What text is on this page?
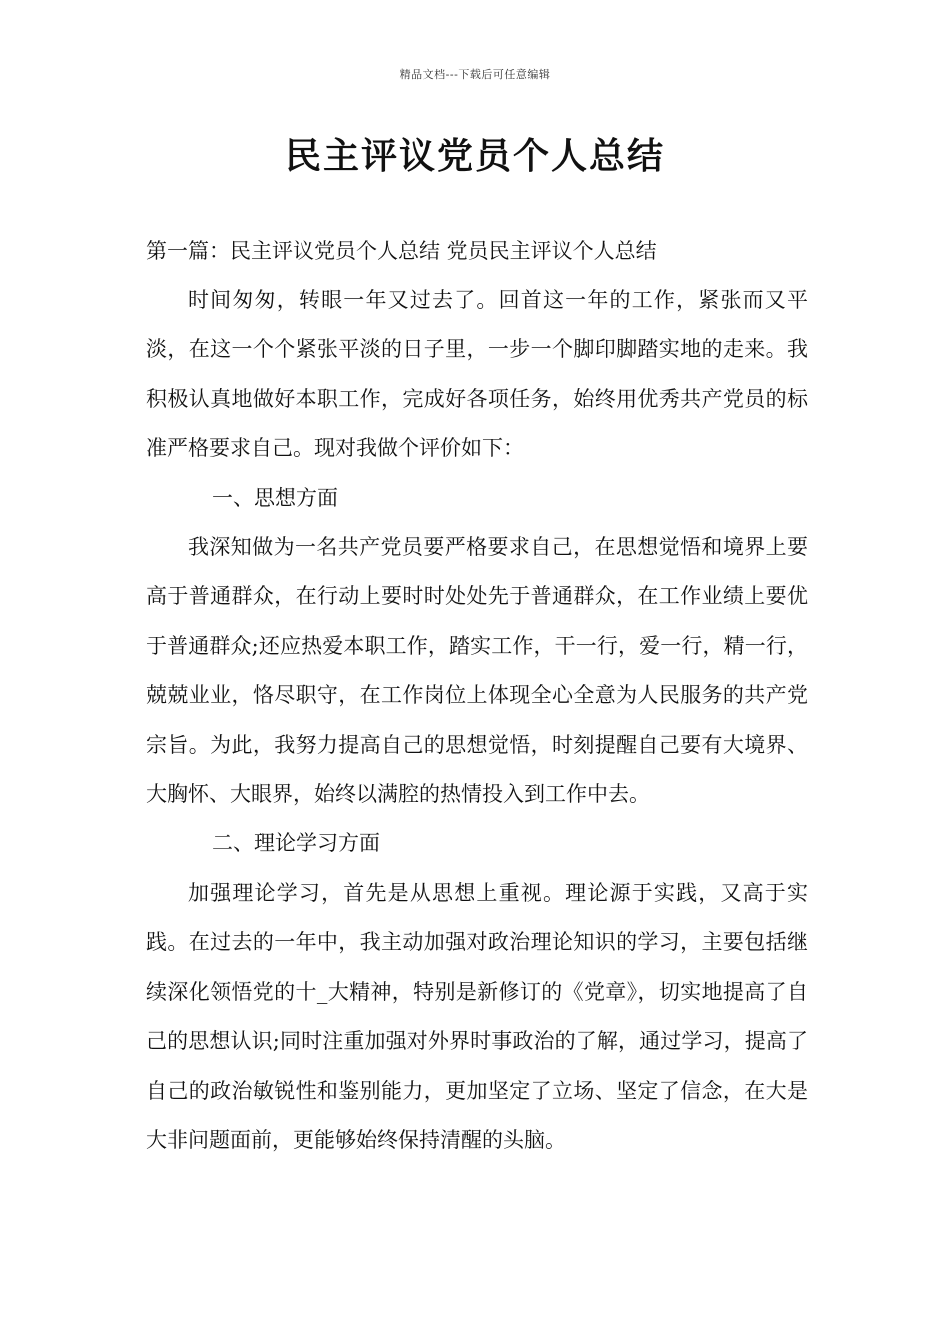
精品文档---下载后可任意编辑
民主评议党员个人总结
第一篇：民主评议党员个人总结 党员民主评议个人总结

时间匆匆，转眼一年又过去了。回首这一年的工作，紧张而又平淡，在这一个个紧张平淡的日子里，一步一个脚印脚踏实地的走来。我积极认真地做好本职工作，完成好各项任务，始终用优秀共产党员的标准严格要求自己。现对我做个评价如下：

一、思想方面

我深知做为一名共产党员要严格要求自己，在思想觉悟和境界上要高于普通群众，在行动上要时时处处先于普通群众，在工作业绩上要优于普通群众;还应热爱本职工作，踏实工作，干一行，爱一行，精一行，兢兢业业，恪尽职守，在工作岗位上体现全心全意为人民服务的共产党宗旨。为此，我努力提高自己的思想觉悟，时刻提醒自己要有大境界、大胸怀、大眼界，始终以满腔的热情投入到工作中去。

二、理论学习方面

加强理论学习，首先是从思想上重视。理论源于实践，又高于实践。在过去的一年中，我主动加强对政治理论知识的学习，主要包括继续深化领悟党的十_大精神，特别是新修订的《党章》，切实地提高了自己的思想认识;同时注重加强对外界时事政治的了解，通过学习，提高了自己的政治敏锐性和鉴别能力，更加坚定了立场、坚定了信念，在大是大非问题面前，更能够始终保持清醒的头脑。
